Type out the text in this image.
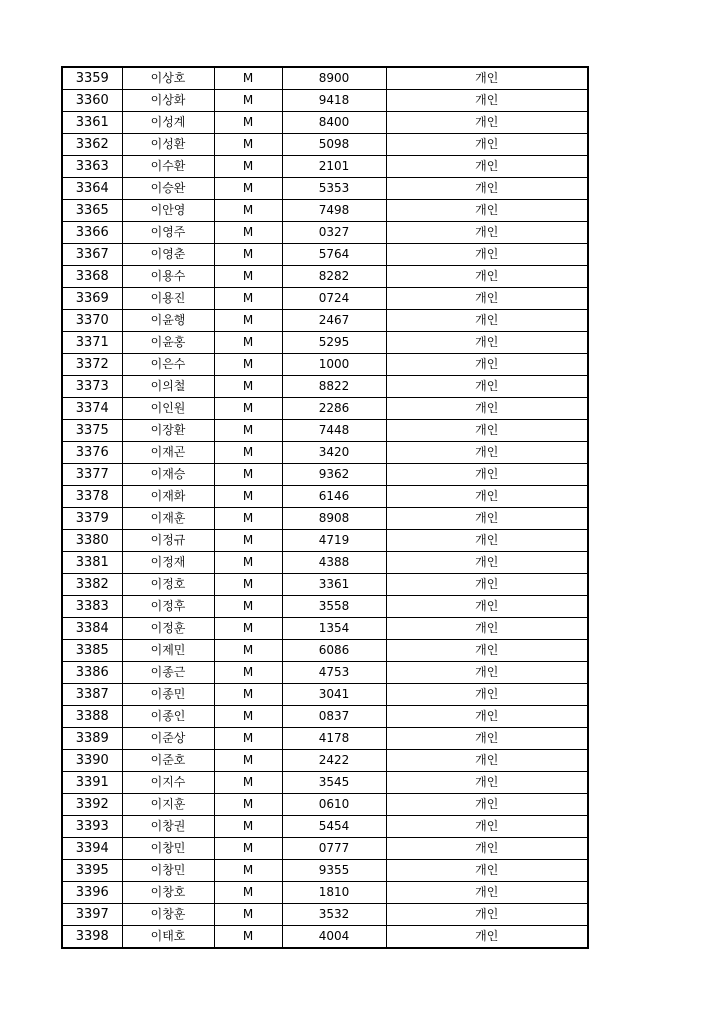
3359	이상호	M	8900	개인
3360	이상화	M	9418	개인
3361	이성계	M	8400	개인
3362	이성환	M	5098	개인
3363	이수환	M	2101	개인
3364	이승완	M	5353	개인
3365	이안영	M	7498	개인
3366	이영주	M	0327	개인
3367	이영춘	M	5764	개인
3368	이용수	M	8282	개인
3369	이용진	M	0724	개인
3370	이윤행	M	2467	개인
3371	이윤홍	M	5295	개인
3372	이은수	M	1000	개인
3373	이의철	M	8822	개인
3374	이인원	M	2286	개인
3375	이장환	M	7448	개인
3376	이재곤	M	3420	개인
3377	이재승	M	9362	개인
3378	이재화	M	6146	개인
3379	이재훈	M	8908	개인
3380	이정규	M	4719	개인
3381	이정재	M	4388	개인
3382	이정호	M	3361	개인
3383	이정후	M	3558	개인
3384	이정훈	M	1354	개인
3385	이제민	M	6086	개인
3386	이종근	M	4753	개인
3387	이종민	M	3041	개인
3388	이종인	M	0837	개인
3389	이준상	M	4178	개인
3390	이준호	M	2422	개인
3391	이지수	M	3545	개인
3392	이지훈	M	0610	개인
3393	이창권	M	5454	개인
3394	이창민	M	0777	개인
3395	이창민	M	9355	개인
3396	이창호	M	1810	개인
3397	이창훈	M	3532	개인
3398	이태호	M	4004	개인
